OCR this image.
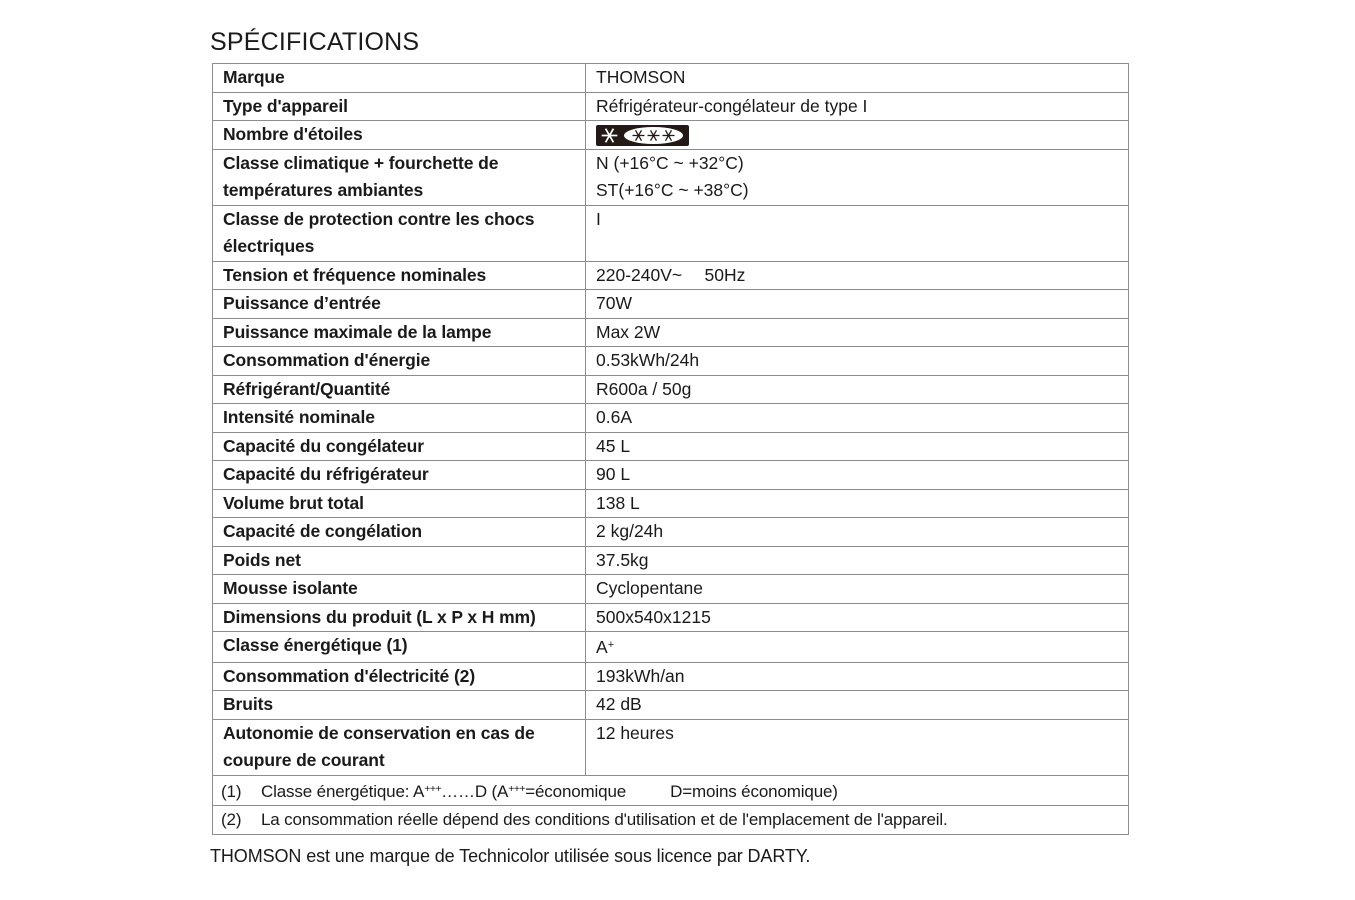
SPÉCIFICATIONS
Marque	THOMSON
Type d'appareil	Réfrigérateur-congélateur de type I
Nombre d'étoiles	
Classe climatique + fourchette de températures ambiantes	N (+16°C ~ +32°C)
ST(+16°C ~ +38°C)
Classe de protection contre les chocs électriques	I
Tension et fréquence nominales	220-240V~  50Hz
Puissance d’entrée	70W
Puissance maximale de la lampe	Max 2W
Consommation d'énergie	0.53kWh/24h
Réfrigérant/Quantité	R600a / 50g
Intensité nominale	0.6A
Capacité du congélateur	45 L
Capacité du réfrigérateur	90 L
Volume brut total	138 L
Capacité de congélation	2 kg/24h
Poids net	37.5kg
Mousse isolante	Cyclopentane
Dimensions du produit (L x P x H mm)	500x540x1215
Classe énergétique (1)	A+
Consommation d'électricité (2)	193kWh/an
Bruits	42 dB
Autonomie de conservation en cas de coupure de courant	12 heures
(1) Classe énergétique: A+++……D (A+++=économique D=moins économique)	
(2) La consommation réelle dépend des conditions d'utilisation et de l'emplacement de l'appareil.	
THOMSON est une marque de Technicolor utilisée sous licence par DARTY.
